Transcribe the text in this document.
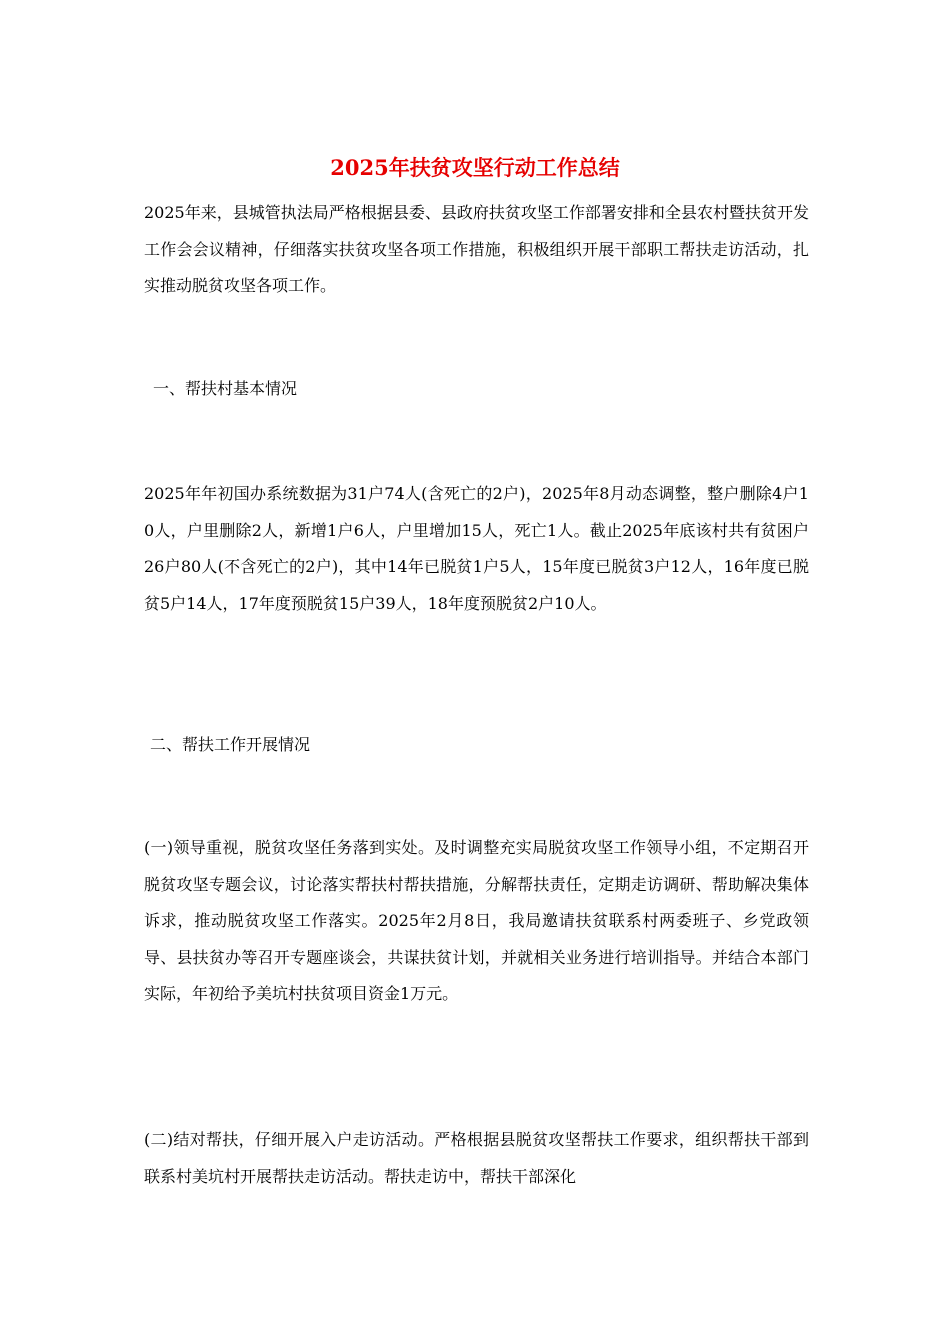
2025年扶贫攻坚行动工作总结
2025年来，县城管执法局严格根据县委、县政府扶贫攻坚工作部署安排和全县农村暨扶贫开发工作会会议精神，仔细落实扶贫攻坚各项工作措施，积极组织开展干部职工帮扶走访活动，扎实推动脱贫攻坚各项工作。
一、帮扶村基本情况
2025年年初国办系统数据为31户74人(含死亡的2户)，2025年8月动态调整，整户删除4户10人，户里删除2人，新增1户6人，户里增加15人，死亡1人。截止2025年底该村共有贫困户26户80人(不含死亡的2户)，其中14年已脱贫1户5人，15年度已脱贫3户12人，16年度已脱贫5户14人，17年度预脱贫15户39人，18年度预脱贫2户10人。
二、帮扶工作开展情况
(一)领导重视，脱贫攻坚任务落到实处。及时调整充实局脱贫攻坚工作领导小组，不定期召开脱贫攻坚专题会议，讨论落实帮扶村帮扶措施，分解帮扶责任，定期走访调研、帮助解决集体诉求，推动脱贫攻坚工作落实。2025年2月8日，我局邀请扶贫联系村两委班子、乡党政领导、县扶贫办等召开专题座谈会，共谋扶贫计划，并就相关业务进行培训指导。并结合本部门实际，年初给予美坑村扶贫项目资金1万元。
(二)结对帮扶，仔细开展入户走访活动。严格根据县脱贫攻坚帮扶工作要求，组织帮扶干部到联系村美坑村开展帮扶走访活动。帮扶走访中，帮扶干部深化
